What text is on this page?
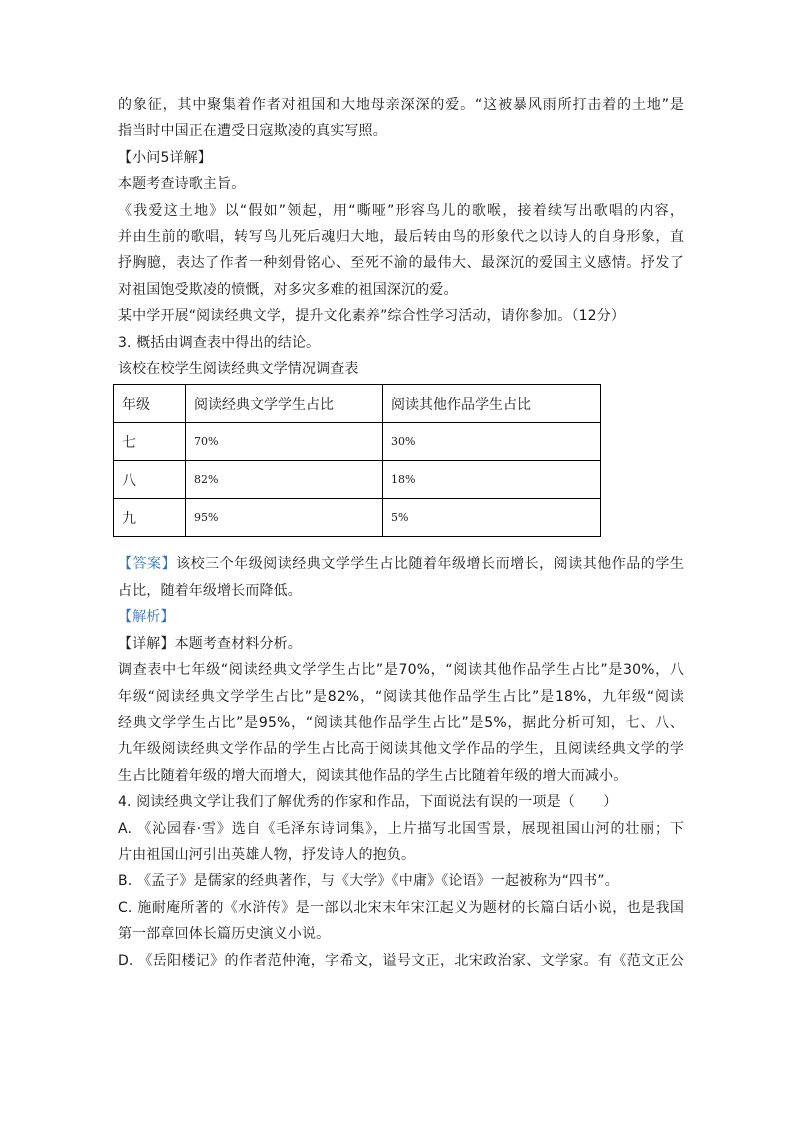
的象征，其中聚集着作者对祖国和大地母亲深深的爱。“这被暴风雨所打击着的土地”是
指当时中国正在遭受日寇欺凌的真实写照。
【小问5详解】
本题考查诗歌主旨。
《我爱这土地》以“假如”领起，用“嘶哑”形容鸟儿的歌喉，接着续写出歌唱的内容，
并由生前的歌唱，转写鸟儿死后魂归大地，最后转由鸟的形象代之以诗人的自身形象，直
抒胸臆，表达了作者一种刻骨铭心、至死不渝的最伟大、最深沉的爱国主义感情。抒发了
对祖国饱受欺凌的愤慨，对多灾多难的祖国深沉的爱。
某中学开展“阅读经典文学，提升文化素养”综合性学习活动，请你参加。（12分）
3. 概括由调查表中得出的结论。
该校在校学生阅读经典文学情况调查表
年级	阅读经典文学学生占比	阅读其他作品学生占比
七	70%	30%
八	82%	18%
九	95%	5%
【答案】该校三个年级阅读经典文学学生占比随着年级增长而增长，阅读其他作品的学生
占比，随着年级增长而降低。
【解析】
【详解】本题考查材料分析。
调查表中七年级“阅读经典文学学生占比”是70%，“阅读其他作品学生占比”是30%，八
年级“阅读经典文学学生占比”是82%，“阅读其他作品学生占比”是18%，九年级“阅读
经典文学学生占比”是95%，“阅读其他作品学生占比”是5%，据此分析可知，七、八、
九年级阅读经典文学作品的学生占比高于阅读其他文学作品的学生，且阅读经典文学的学
生占比随着年级的增大而增大，阅读其他作品的学生占比随着年级的增大而减小。
4. 阅读经典文学让我们了解优秀的作家和作品，下面说法有误的一项是（　　）
A. 《沁园春·雪》选自《毛泽东诗词集》，上片描写北国雪景，展现祖国山河的壮丽；下
片由祖国山河引出英雄人物，抒发诗人的抱负。
B. 《孟子》是儒家的经典著作，与《大学》《中庸》《论语》一起被称为“四书”。
C. 施耐庵所著的《水浒传》是一部以北宋末年宋江起义为题材的长篇白话小说，也是我国
第一部章回体长篇历史演义小说。
D. 《岳阳楼记》的作者范仲淹，字希文，谥号文正，北宋政治家、文学家。有《范文正公
